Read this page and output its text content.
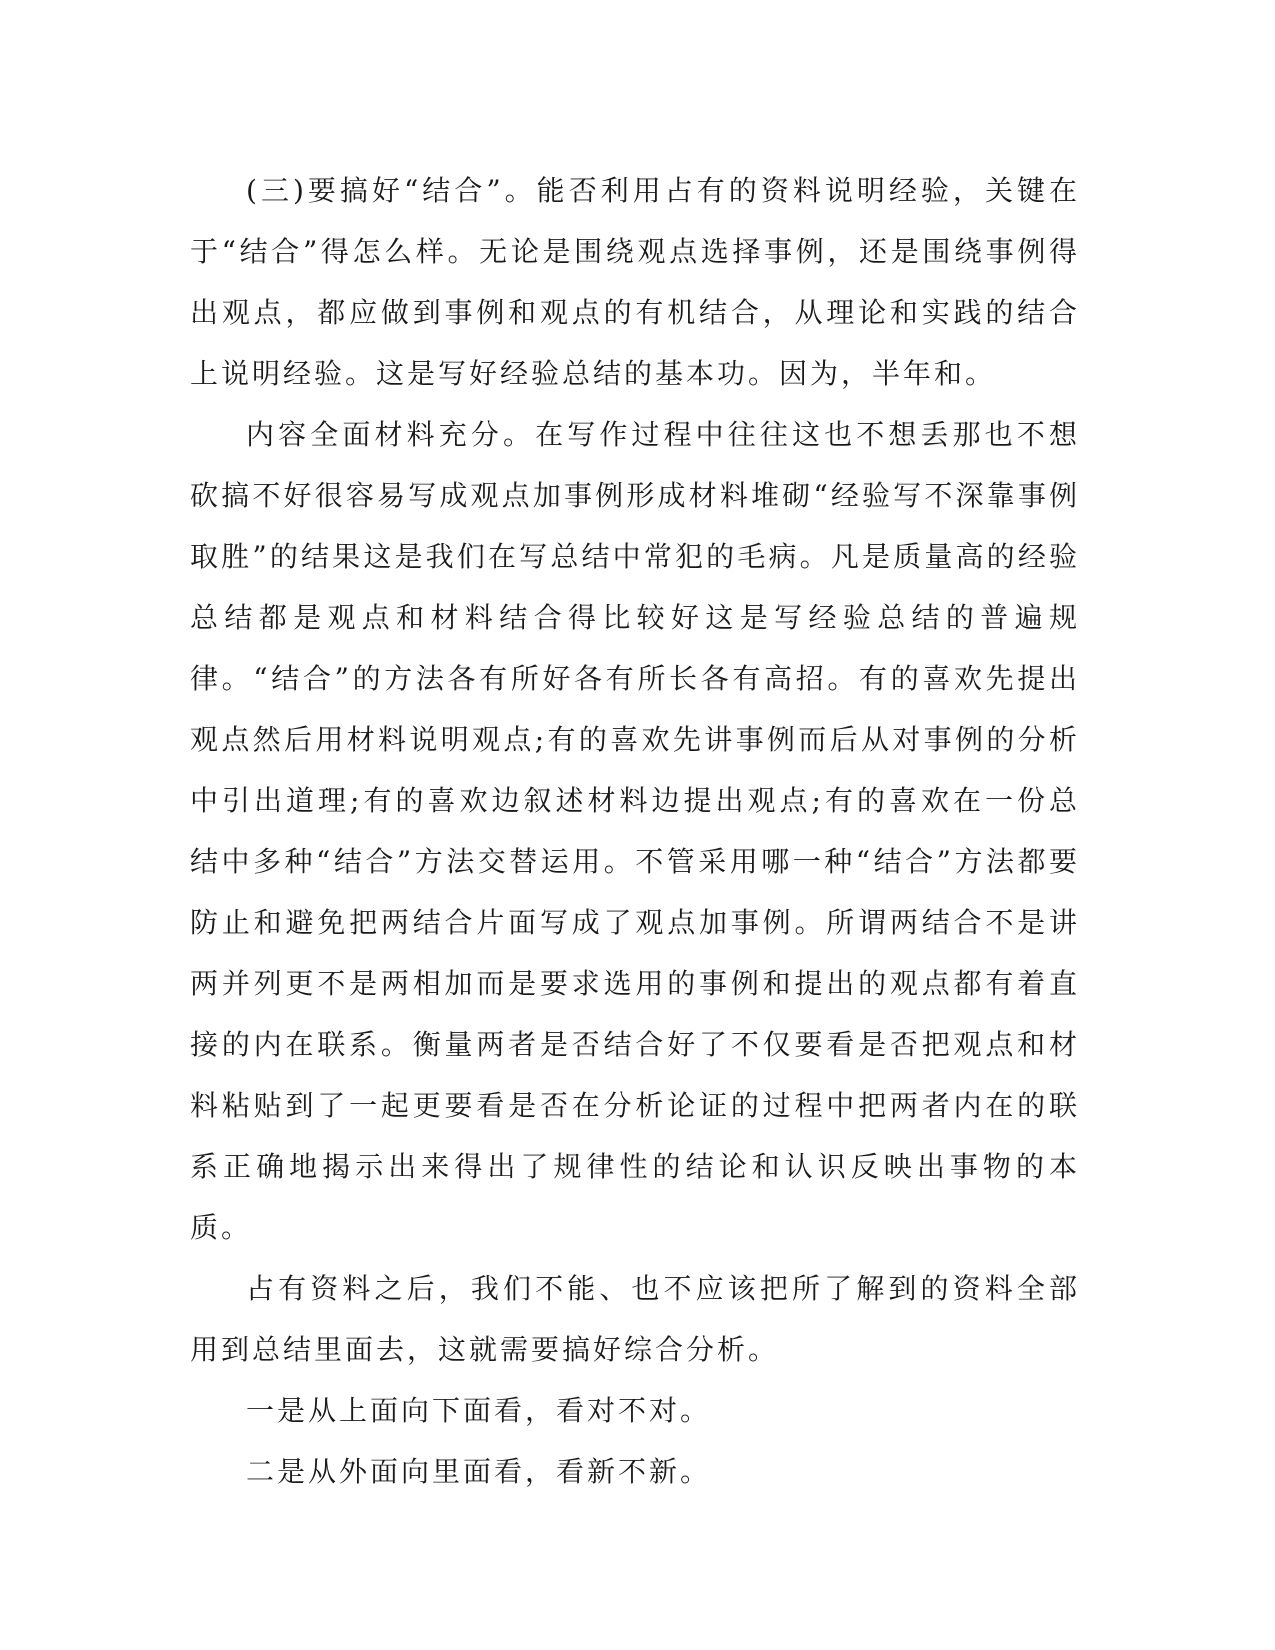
(三)要搞好“结合”。能否利用占有的资料说明经验，关键在于“结合”得怎么样。无论是围绕观点选择事例，还是围绕事例得出观点，都应做到事例和观点的有机结合，从理论和实践的结合上说明经验。这是写好经验总结的基本功。因为，半年和。

内容全面材料充分。在写作过程中往往这也不想丢那也不想砍搞不好很容易写成观点加事例形成材料堆砌“经验写不深靠事例取胜”的结果这是我们在写总结中常犯的毛病。凡是质量高的经验总结都是观点和材料结合得比较好这是写经验总结的普遍规律。“结合”的方法各有所好各有所长各有高招。有的喜欢先提出观点然后用材料说明观点;有的喜欢先讲事例而后从对事例的分析中引出道理;有的喜欢边叙述材料边提出观点;有的喜欢在一份总结中多种“结合”方法交替运用。不管采用哪一种“结合”方法都要防止和避免把两结合片面写成了观点加事例。所谓两结合不是讲两并列更不是两相加而是要求选用的事例和提出的观点都有着直接的内在联系。衡量两者是否结合好了不仅要看是否把观点和材料粘贴到了一起更要看是否在分析论证的过程中把两者内在的联系正确地揭示出来得出了规律性的结论和认识反映出事物的本质。

占有资料之后，我们不能、也不应该把所了解到的资料全部用到总结里面去，这就需要搞好综合分析。

一是从上面向下面看，看对不对。

二是从外面向里面看，看新不新。
